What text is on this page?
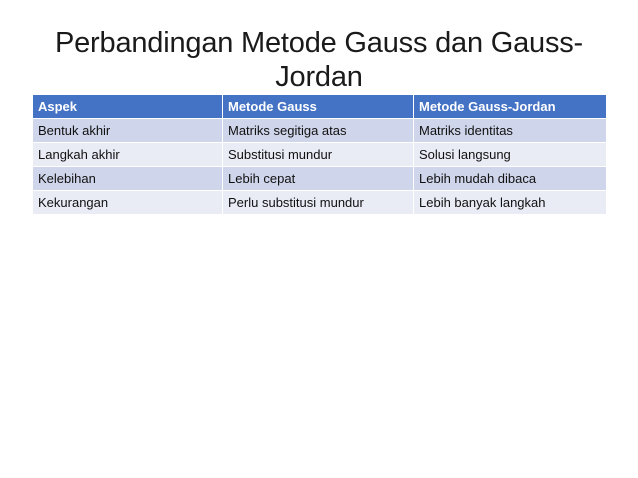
Perbandingan Metode Gauss dan Gauss-Jordan
Aspek	Metode Gauss	Metode Gauss-Jordan
Bentuk akhir	Matriks segitiga atas	Matriks identitas
Langkah akhir	Substitusi mundur	Solusi langsung
Kelebihan	Lebih cepat	Lebih mudah dibaca
Kekurangan	Perlu substitusi mundur	Lebih banyak langkah
